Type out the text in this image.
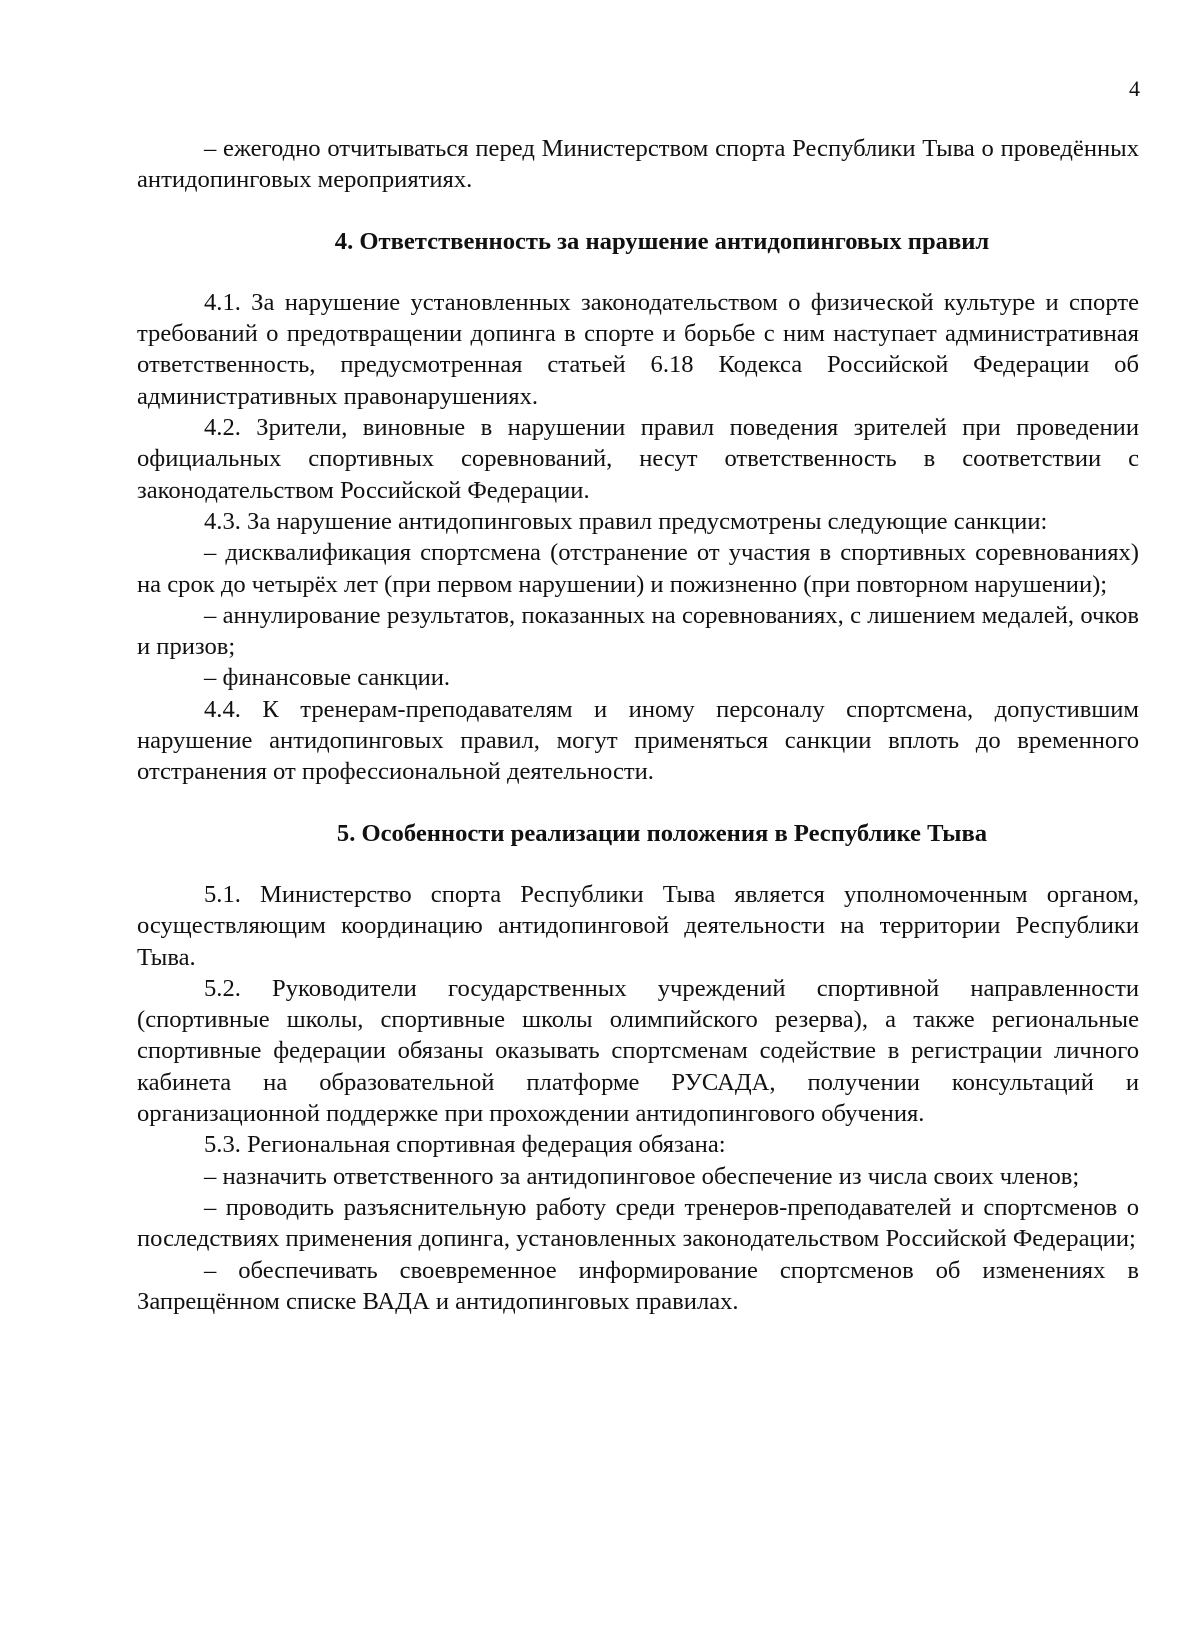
4

– ежегодно отчитываться перед Министерством спорта Республики Тыва о проведённых антидопинговых мероприятиях.

4. Ответственность за нарушение антидопинговых правил

4.1. За нарушение установленных законодательством о физической культуре и спорте требований о предотвращении допинга в спорте и борьбе с ним наступает административная ответственность, предусмотренная статьей 6.18 Кодекса Российской Федерации об административных правонарушениях.

4.2. Зрители, виновные в нарушении правил поведения зрителей при проведении официальных спортивных соревнований, несут ответственность в соответствии с законодательством Российской Федерации.

4.3. За нарушение антидопинговых правил предусмотрены следующие санкции:

– дисквалификация спортсмена (отстранение от участия в спортивных соревнованиях) на срок до четырёх лет (при первом нарушении) и пожизненно (при повторном нарушении);

– аннулирование результатов, показанных на соревнованиях, с лишением медалей, очков и призов;

– финансовые санкции.

4.4. К тренерам-преподавателям и иному персоналу спортсмена, допустившим нарушение антидопинговых правил, могут применяться санкции вплоть до временного отстранения от профессиональной деятельности.

5. Особенности реализации положения в Республике Тыва

5.1. Министерство спорта Республики Тыва является уполномоченным органом, осуществляющим координацию антидопинговой деятельности на территории Республики Тыва.

5.2. Руководители государственных учреждений спортивной направленности (спортивные школы, спортивные школы олимпийского резерва), а также региональные спортивные федерации обязаны оказывать спортсменам содействие в регистрации личного кабинета на образовательной платформе РУСАДА, получении консультаций и организационной поддержке при прохождении антидопингового обучения.

5.3. Региональная спортивная федерация обязана:

– назначить ответственного за антидопинговое обеспечение из числа своих членов;

– проводить разъяснительную работу среди тренеров-преподавателей и спортсменов о последствиях применения допинга, установленных законодательством Российской Федерации;

– обеспечивать своевременное информирование спортсменов об изменениях в Запрещённом списке ВАДА и антидопинговых правилах.
